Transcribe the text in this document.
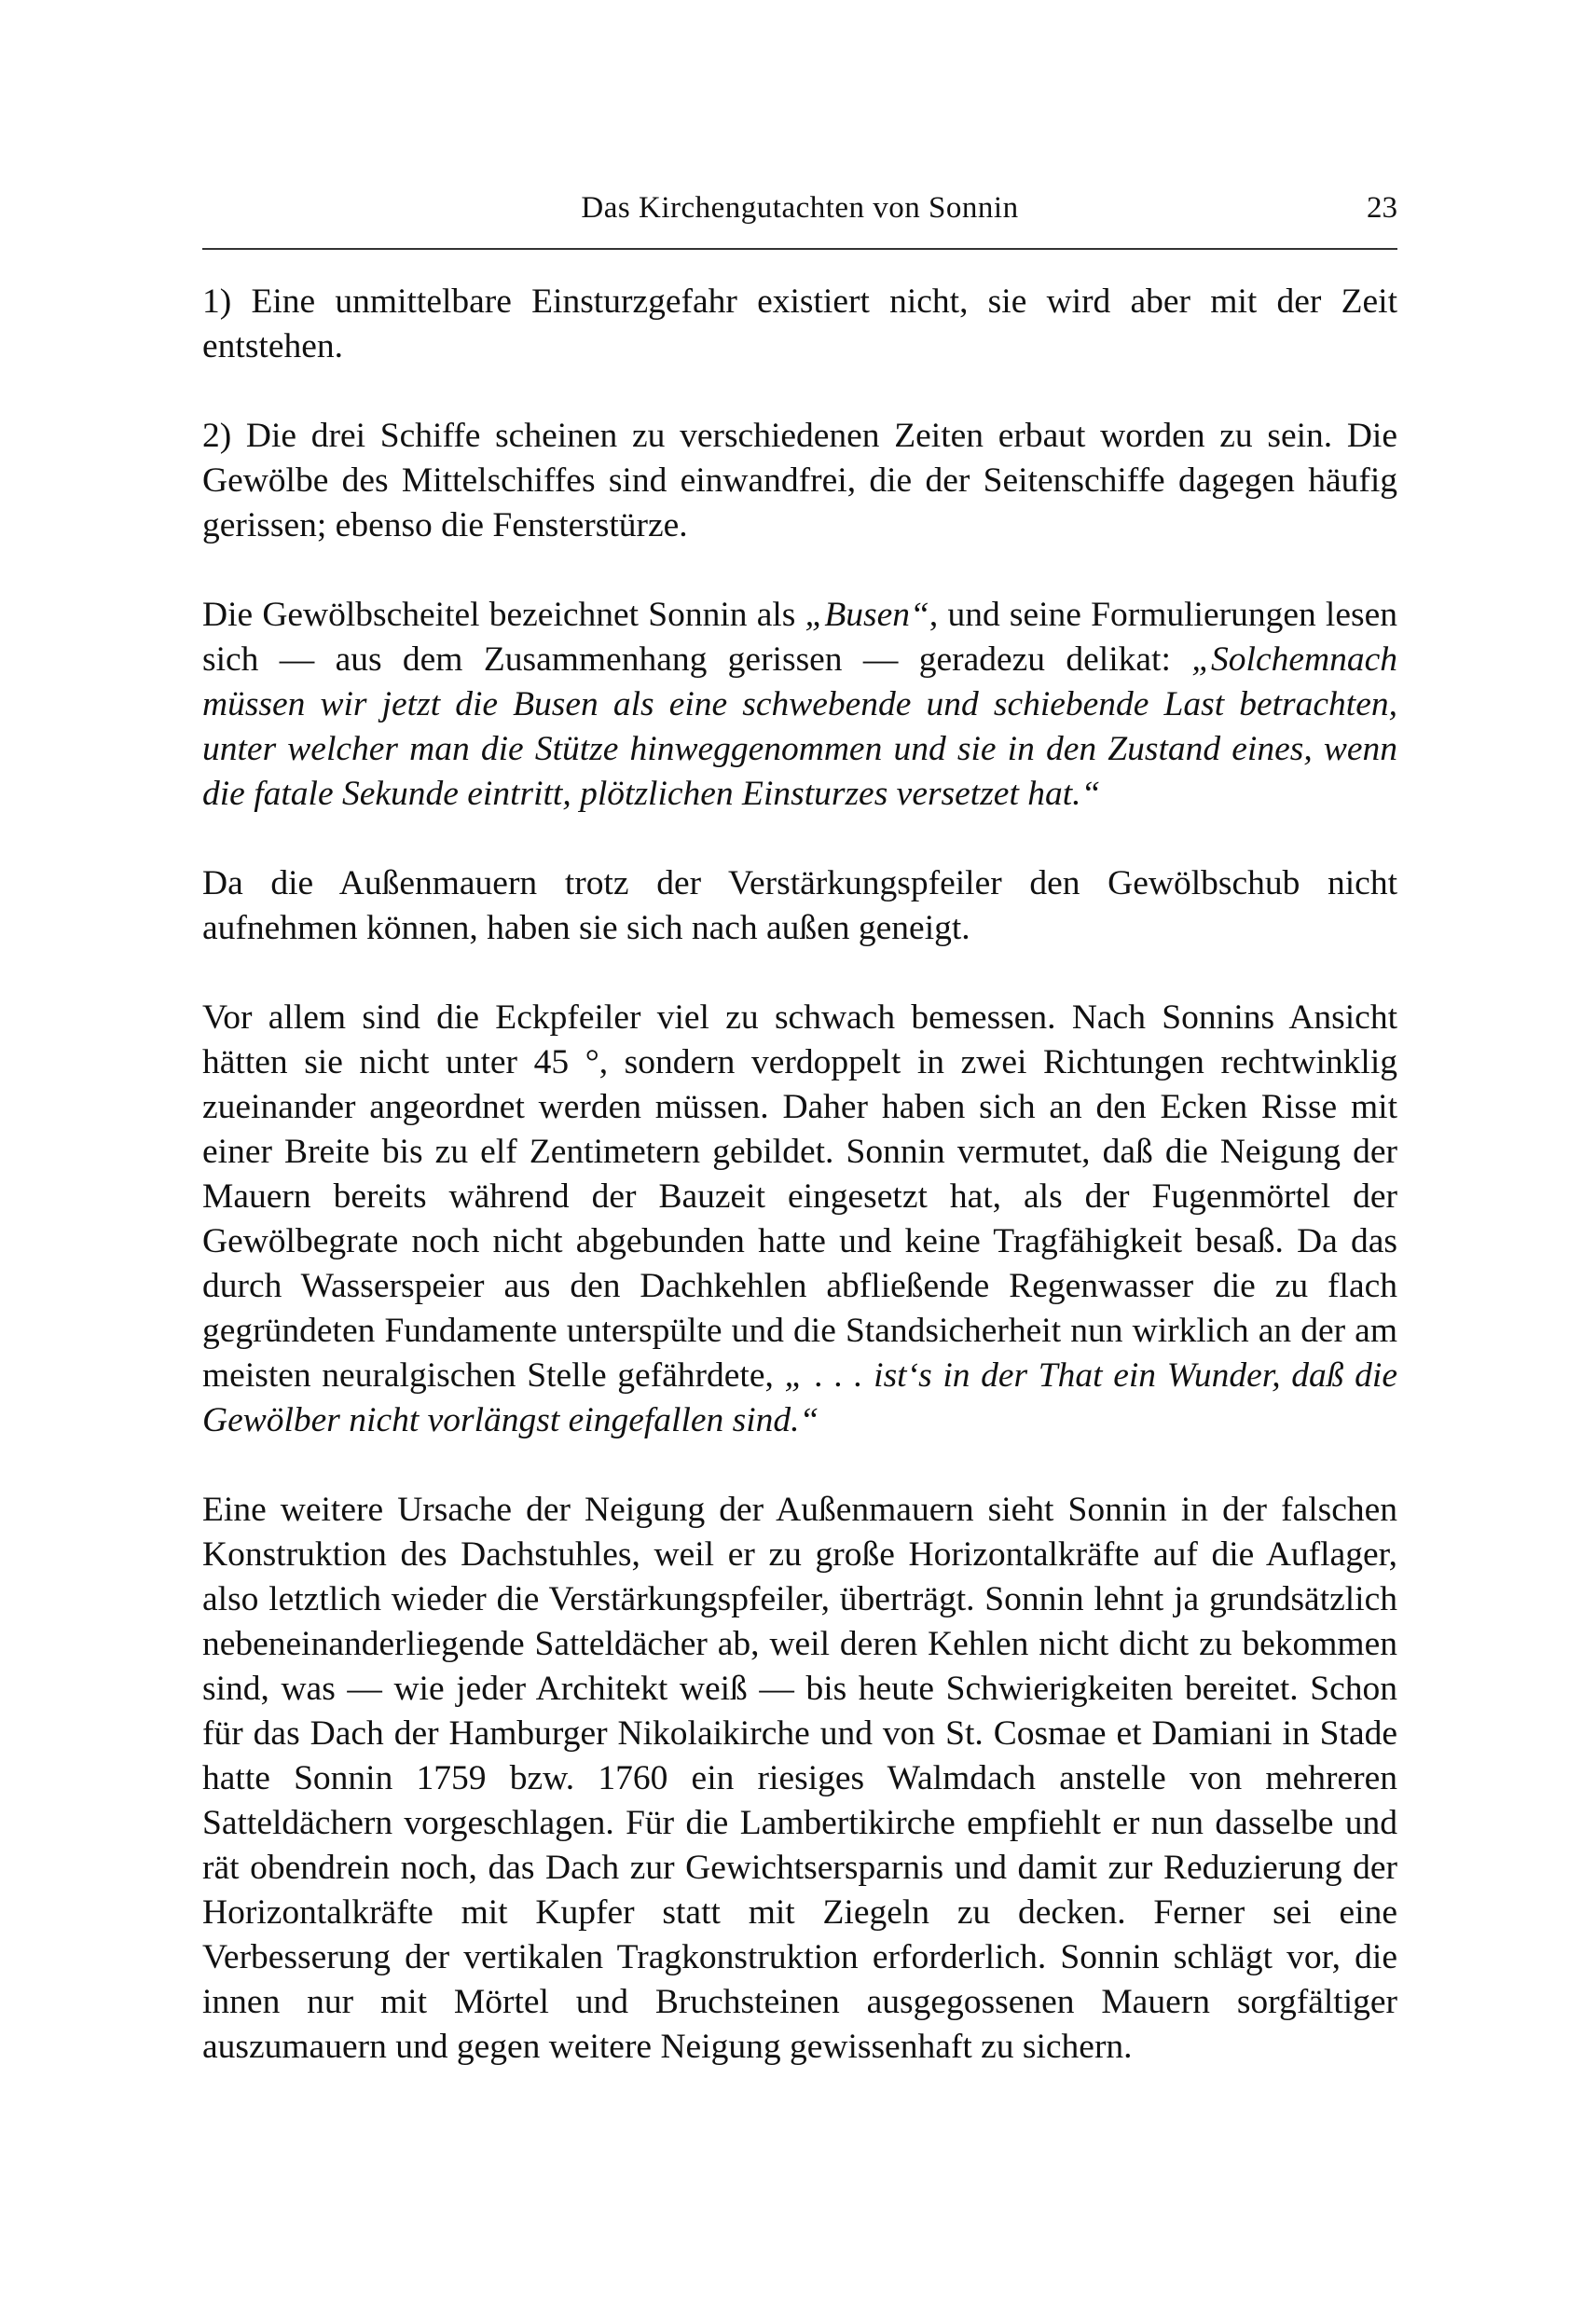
Das Kirchengutachten von Sonnin	23

1) Eine unmittelbare Einsturzgefahr existiert nicht, sie wird aber mit der Zeit entstehen.

2) Die drei Schiffe scheinen zu verschiedenen Zeiten erbaut worden zu sein. Die Gewölbe des Mittelschiffes sind einwandfrei, die der Seitenschiffe dagegen häufig gerissen; ebenso die Fensterstürze.

Die Gewölbscheitel bezeichnet Sonnin als „Busen“, und seine Formulierungen lesen sich — aus dem Zusammenhang gerissen — geradezu delikat: „Solchemnach müssen wir jetzt die Busen als eine schwebende und schiebende Last betrachten, unter welcher man die Stütze hinweggenommen und sie in den Zustand eines, wenn die fatale Sekunde eintritt, plötzlichen Einsturzes versetzet hat.“

Da die Außenmauern trotz der Verstärkungspfeiler den Gewölbschub nicht aufnehmen können, haben sie sich nach außen geneigt.

Vor allem sind die Eckpfeiler viel zu schwach bemessen. Nach Sonnins Ansicht hätten sie nicht unter 45 °, sondern verdoppelt in zwei Richtungen rechtwinklig zueinander angeordnet werden müssen. Daher haben sich an den Ecken Risse mit einer Breite bis zu elf Zentimetern gebildet. Sonnin vermutet, daß die Neigung der Mauern bereits während der Bauzeit eingesetzt hat, als der Fugenmörtel der Gewölbegrate noch nicht abgebunden hatte und keine Tragfähigkeit besaß. Da das durch Wasserspeier aus den Dachkehlen abfließende Regenwasser die zu flach gegründeten Fundamente unterspülte und die Standsicherheit nun wirklich an der am meisten neuralgischen Stelle gefährdete, „ . . . ist‘s in der That ein Wunder, daß die Gewölber nicht vorlängst eingefallen sind.“

Eine weitere Ursache der Neigung der Außenmauern sieht Sonnin in der falschen Konstruktion des Dachstuhles, weil er zu große Horizontalkräfte auf die Auflager, also letztlich wieder die Verstärkungspfeiler, überträgt. Sonnin lehnt ja grundsätzlich nebeneinanderliegende Satteldächer ab, weil deren Kehlen nicht dicht zu bekommen sind, was — wie jeder Architekt weiß — bis heute Schwierigkeiten bereitet. Schon für das Dach der Hamburger Nikolaikirche und von St. Cosmae et Damiani in Stade hatte Sonnin 1759 bzw. 1760 ein riesiges Walmdach anstelle von mehreren Satteldächern vorgeschlagen. Für die Lambertikirche empfiehlt er nun dasselbe und rät obendrein noch, das Dach zur Gewichtsersparnis und damit zur Reduzierung der Horizontalkräfte mit Kupfer statt mit Ziegeln zu decken. Ferner sei eine Verbesserung der vertikalen Tragkonstruktion erforderlich. Sonnin schlägt vor, die innen nur mit Mörtel und Bruchsteinen ausgegossenen Mauern sorgfältiger auszumauern und gegen weitere Neigung gewissenhaft zu sichern.
